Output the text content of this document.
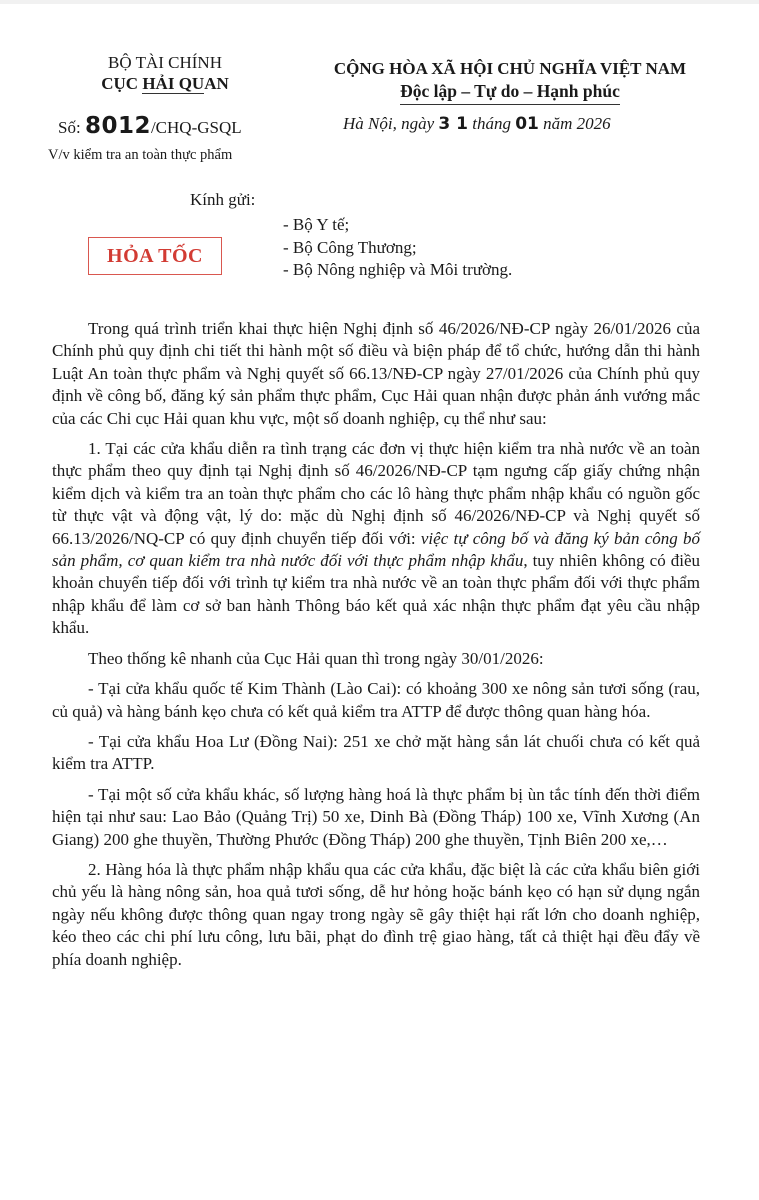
BỘ TÀI CHÍNH
CỤC HẢI QUAN
Số: 8012/CHQ-GSQL
V/v kiểm tra an toàn thực phẩm
CỘNG HÒA XÃ HỘI CHỦ NGHĨA VIỆT NAM
Độc lập – Tự do – Hạnh phúc
Hà Nội, ngày 3 1 tháng 01 năm 2026
Kính gửi:
HỎA TỐC
- Bộ Y tế;
- Bộ Công Thương;
- Bộ Nông nghiệp và Môi trường.

Trong quá trình triển khai thực hiện Nghị định số 46/2026/NĐ-CP ngày 26/01/2026 của Chính phủ quy định chi tiết thi hành một số điều và biện pháp để tổ chức, hướng dẫn thi hành Luật An toàn thực phẩm và Nghị quyết số 66.13/NĐ-CP ngày 27/01/2026 của Chính phủ quy định về công bố, đăng ký sản phẩm thực phẩm, Cục Hải quan nhận được phản ánh vướng mắc của các Chi cục Hải quan khu vực, một số doanh nghiệp, cụ thể như sau:

1. Tại các cửa khẩu diễn ra tình trạng các đơn vị thực hiện kiểm tra nhà nước về an toàn thực phẩm theo quy định tại Nghị định số 46/2026/NĐ-CP tạm ngưng cấp giấy chứng nhận kiểm dịch và kiểm tra an toàn thực phẩm cho các lô hàng thực phẩm nhập khẩu có nguồn gốc từ thực vật và động vật, lý do: mặc dù Nghị định số 46/2026/NĐ-CP và Nghị quyết số 66.13/2026/NQ-CP có quy định chuyển tiếp đối với: việc tự công bố và đăng ký bản công bố sản phẩm, cơ quan kiểm tra nhà nước đối với thực phẩm nhập khẩu, tuy nhiên không có điều khoản chuyển tiếp đối với trình tự kiểm tra nhà nước về an toàn thực phẩm đối với thực phẩm nhập khẩu để làm cơ sở ban hành Thông báo kết quả xác nhận thực phẩm đạt yêu cầu nhập khẩu.

Theo thống kê nhanh của Cục Hải quan thì trong ngày 30/01/2026:

- Tại cửa khẩu quốc tế Kim Thành (Lào Cai): có khoảng 300 xe nông sản tươi sống (rau, củ quả) và hàng bánh kẹo chưa có kết quả kiểm tra ATTP để được thông quan hàng hóa.

- Tại cửa khẩu Hoa Lư (Đồng Nai): 251 xe chở mặt hàng sắn lát chuối chưa có kết quả kiểm tra ATTP.

- Tại một số cửa khẩu khác, số lượng hàng hoá là thực phẩm bị ùn tắc tính đến thời điểm hiện tại như sau: Lao Bảo (Quảng Trị) 50 xe, Dinh Bà (Đồng Tháp) 100 xe, Vĩnh Xương (An Giang) 200 ghe thuyền, Thường Phước (Đồng Tháp) 200 ghe thuyền, Tịnh Biên 200 xe,…

2. Hàng hóa là thực phẩm nhập khẩu qua các cửa khẩu, đặc biệt là các cửa khẩu biên giới chủ yếu là hàng nông sản, hoa quả tươi sống, dễ hư hỏng hoặc bánh kẹo có hạn sử dụng ngắn ngày nếu không được thông quan ngay trong ngày sẽ gây thiệt hại rất lớn cho doanh nghiệp, kéo theo các chi phí lưu công, lưu bãi, phạt do đình trệ giao hàng, tất cả thiệt hại đều đẩy về phía doanh nghiệp.
